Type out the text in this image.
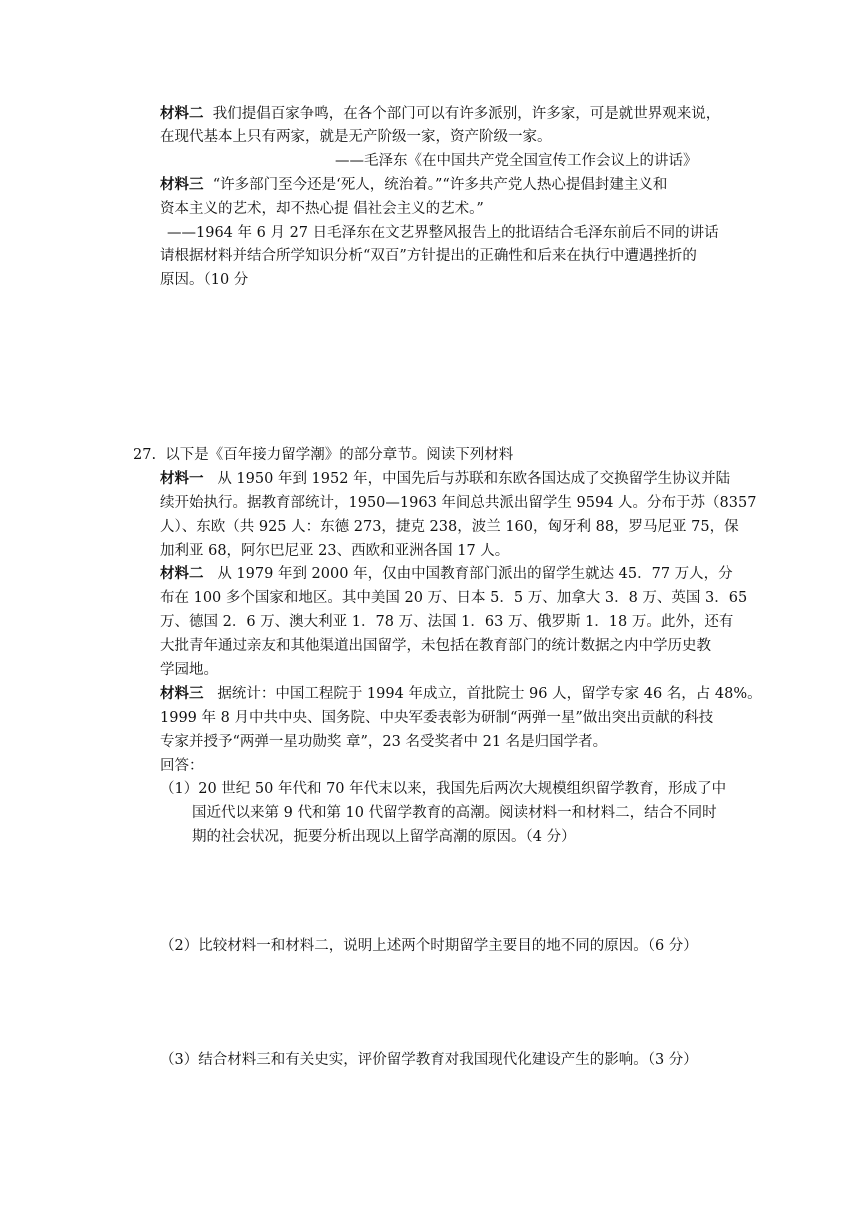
材料二 我们提倡百家争鸣，在各个部门可以有许多派别，许多家，可是就世界观来说，
在现代基本上只有两家，就是无产阶级一家，资产阶级一家。
——毛泽东《在中国共产党全国宣传工作会议上的讲话》
材料三 “许多部门至今还是‘死人，统治着。”“许多共产党人热心提倡封建主义和
资本主义的艺术，却不热心提 倡社会主义的艺术。”
——1964 年 6 月 27 日毛泽东在文艺界整风报告上的批语结合毛泽东前后不同的讲话
请根据材料并结合所学知识分析“双百”方针提出的正确性和后来在执行中遭遇挫折的
原因。（10 分
27. 以下是《百年接力留学潮》的部分章节。阅读下列材料
材料一 从 1950 年到 1952 年，中国先后与苏联和东欧各国达成了交换留学生协议并陆
续开始执行。据教育部统计，1950—1963 年间总共派出留学生 9594 人。分布于苏（8357
人）、东欧（共 925 人：东德 273，捷克 238，波兰 160，匈牙利 88，罗马尼亚 75，保
加利亚 68，阿尔巴尼亚 23、西欧和亚洲各国 17 人。
材料二 从 1979 年到 2000 年，仅由中国教育部门派出的留学生就达 45．77 万人，分
布在 100 多个国家和地区。其中美国 20 万、日本 5．5 万、加拿大 3．8 万、英国 3．65
万、德国 2．6 万、澳大利亚 1．78 万、法国 1．63 万、俄罗斯 1．18 万。此外，还有
大批青年通过亲友和其他渠道出国留学，未包括在教育部门的统计数据之内中学历史教
学园地。
材料三 据统计：中国工程院于 1994 年成立，首批院士 96 人，留学专家 46 名，占 48%。
1999 年 8 月中共中央、国务院、中央军委表彰为研制“两弹一星”做出突出贡献的科技
专家并授予“两弹一星功勋奖 章”，23 名受奖者中 21 名是归国学者。
回答：
（1）20 世纪 50 年代和 70 年代末以来，我国先后两次大规模组织留学教育，形成了中
国近代以来第 9 代和第 10 代留学教育的高潮。阅读材料一和材料二，结合不同时
期的社会状况，扼要分析出现以上留学高潮的原因。（4 分）
（2）比较材料一和材料二，说明上述两个时期留学主要目的地不同的原因。（6 分）
（3）结合材料三和有关史实，评价留学教育对我国现代化建设产生的影响。（3 分）
